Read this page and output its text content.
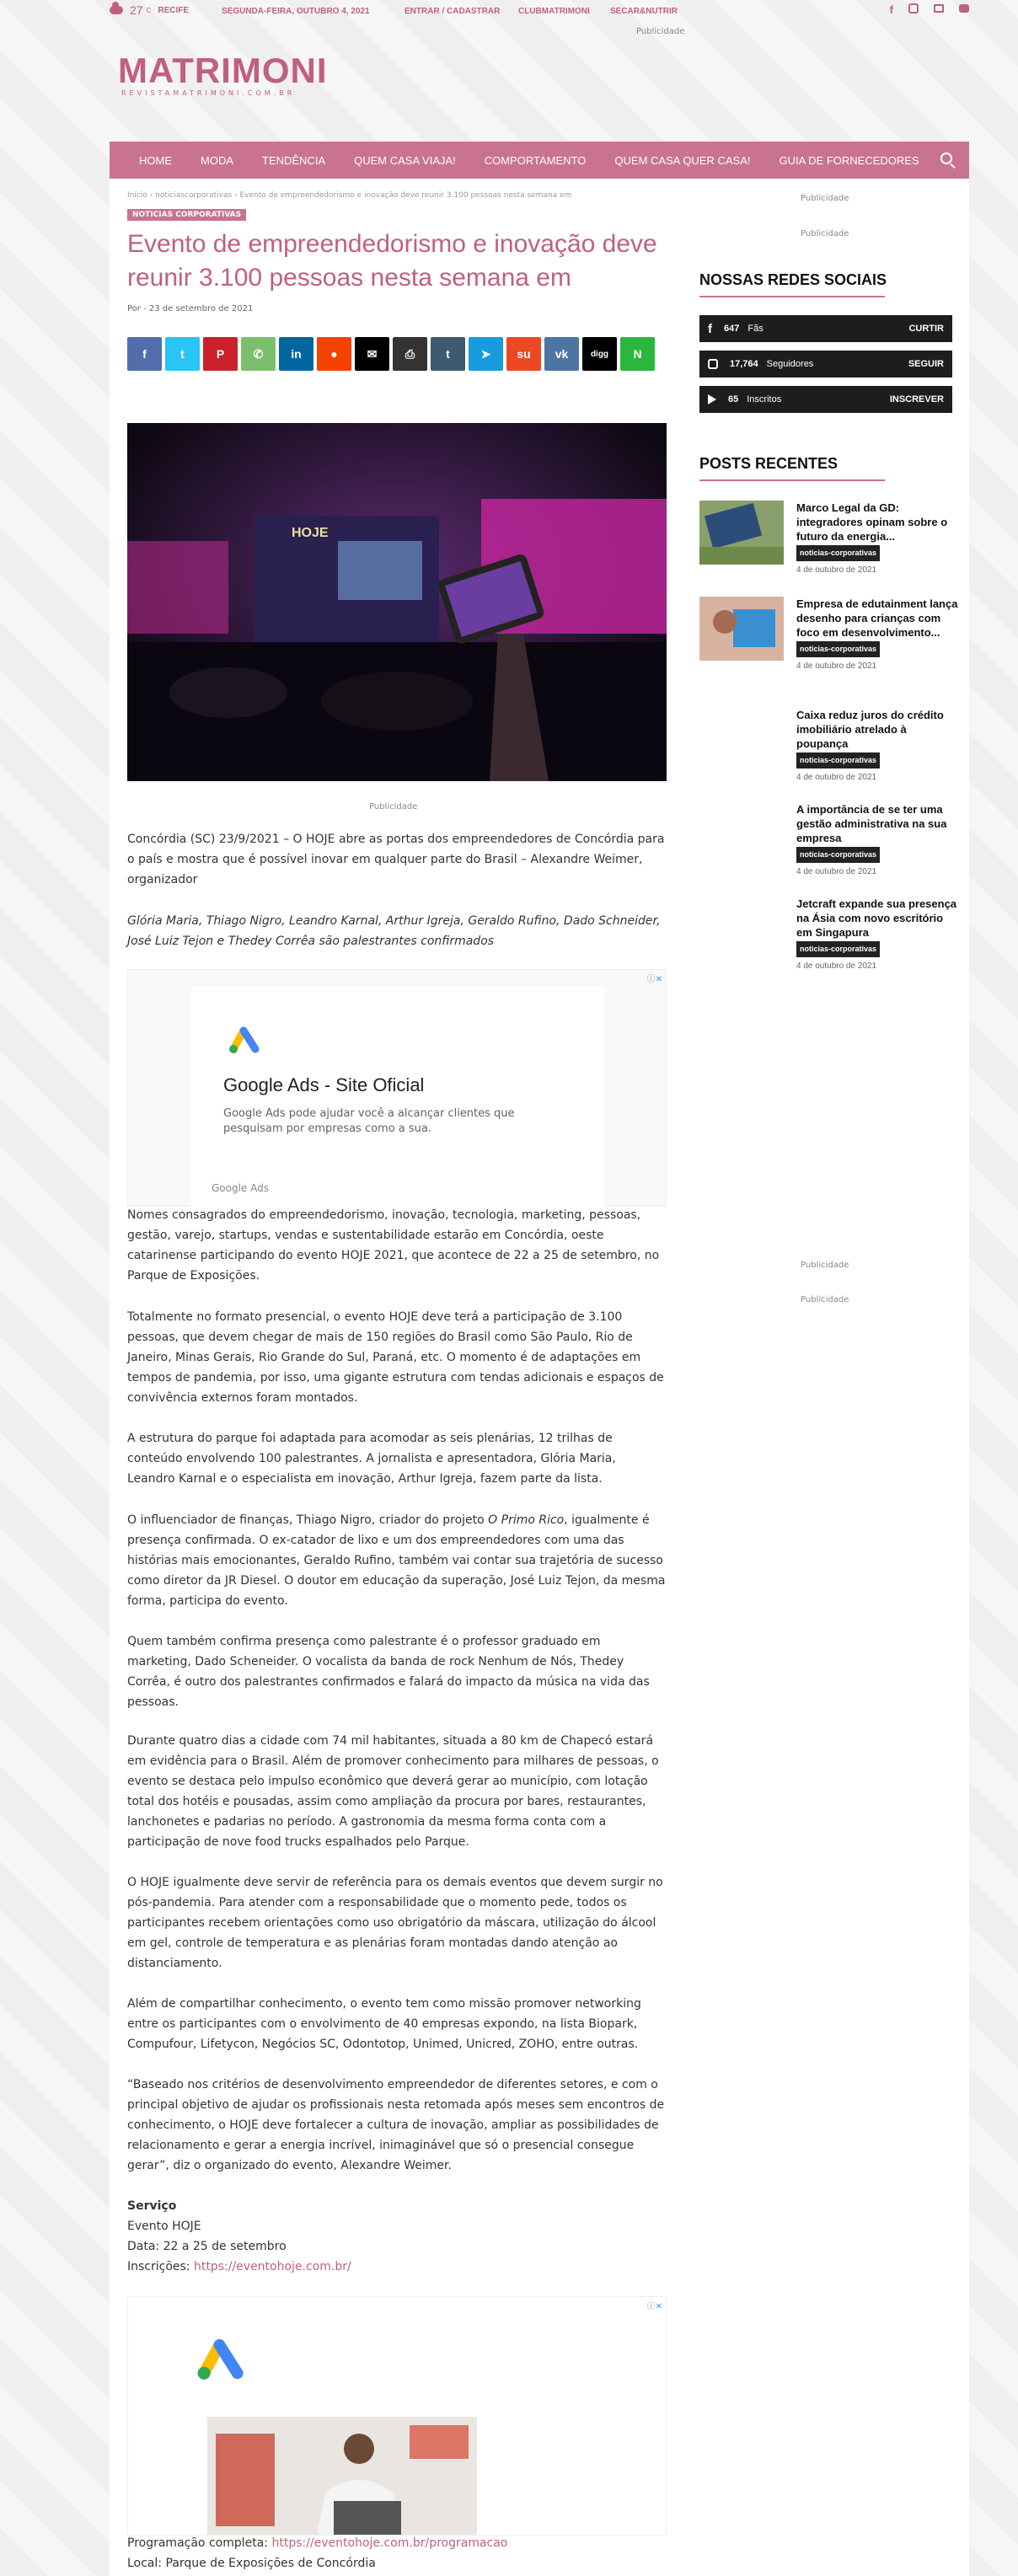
27 C RECIFE	SEGUNDA-FEIRA, OUTUBRO 4, 2021	ENTRAR / CADASTRAR CLUBMATRIMONI SECAR&NUTRIR	f
Publicidade
MATRIMONI
REVISTAMATRIMONI.COM.BR
HOME	MODA	TENDÊNCIA	QUEM CASA VIAJA!	COMPORTAMENTO	QUEM CASA QUER CASA!	GUIA DE FORNECEDORES
Início › noticiascorporativas › Evento de empreendedorismo e inovação deve reunir 3.100 pessoas nesta semana em
NOTICIAS CORPORATIVAS
Evento de empreendedorismo e inovação deve reunir 3.100 pessoas nesta semana em
Por - 23 de setembro de 2021
f	t	P	✆	in	●	✉	⎙	t	➤	su	vk	digg	N
HOJE
Publicidade

Concórdia (SC) 23/9/2021 – O HOJE abre as portas dos empreendedores de Concórdia para o país e mostra que é possível inovar em qualquer parte do Brasil – Alexandre Weimer, organizador

Glória Maria, Thiago Nigro, Leandro Karnal, Arthur Igreja, Geraldo Rufino, Dado Schneider, José Luiz Tejon e Thedey Corrêa são palestrantes confirmados

ⓘ✕
Google Ads - Site Oficial
Google Ads pode ajudar você a alcançar clientes que pesquisam por empresas como a sua.
Google Ads

Nomes consagrados do empreendedorismo, inovação, tecnologia, marketing, pessoas, gestão, varejo, startups, vendas e sustentabilidade estarão em Concórdia, oeste catarinense participando do evento HOJE 2021, que acontece de 22 a 25 de setembro, no Parque de Exposições.

Totalmente no formato presencial, o evento HOJE deve terá a participação de 3.100 pessoas, que devem chegar de mais de 150 regiões do Brasil como São Paulo, Rio de Janeiro, Minas Gerais, Rio Grande do Sul, Paraná, etc. O momento é de adaptações em tempos de pandemia, por isso, uma gigante estrutura com tendas adicionais e espaços de convivência externos foram montados.

A estrutura do parque foi adaptada para acomodar as seis plenárias, 12 trilhas de conteúdo envolvendo 100 palestrantes. A jornalista e apresentadora, Glória Maria, Leandro Karnal e o especialista em inovação, Arthur Igreja, fazem parte da lista.

O influenciador de finanças, Thiago Nigro, criador do projeto O Primo Rico, igualmente é presença confirmada. O ex-catador de lixo e um dos empreendedores com uma das histórias mais emocionantes, Geraldo Rufino, também vai contar sua trajetória de sucesso como diretor da JR Diesel. O doutor em educação da superação, José Luiz Tejon, da mesma forma, participa do evento.

Quem também confirma presença como palestrante é o professor graduado em marketing, Dado Scheneider. O vocalista da banda de rock Nenhum de Nós, Thedey Corrêa, é outro dos palestrantes confirmados e falará do impacto da música na vida das pessoas.

Durante quatro dias a cidade com 74 mil habitantes, situada a 80 km de Chapecó estará em evidência para o Brasil. Além de promover conhecimento para milhares de pessoas, o evento se destaca pelo impulso econômico que deverá gerar ao município, com lotação total dos hotéis e pousadas, assim como ampliação da procura por bares, restaurantes, lanchonetes e padarias no período. A gastronomia da mesma forma conta com a participação de nove food trucks espalhados pelo Parque.

O HOJE igualmente deve servir de referência para os demais eventos que devem surgir no pós-pandemia. Para atender com a responsabilidade que o momento pede, todos os participantes recebem orientações como uso obrigatório da máscara, utilização do álcool em gel, controle de temperatura e as plenárias foram montadas dando atenção ao distanciamento.

Além de compartilhar conhecimento, o evento tem como missão promover networking entre os participantes com o envolvimento de 40 empresas expondo, na lista Biopark, Compufour, Lifetycon, Negócios SC, Odontotop, Unimed, Unicred, ZOHO, entre outras.

“Baseado nos critérios de desenvolvimento empreendedor de diferentes setores, e com o principal objetivo de ajudar os profissionais nesta retomada após meses sem encontros de conhecimento, o HOJE deve fortalecer a cultura de inovação, ampliar as possibilidades de relacionamento e gerar a energia incrível, inimaginável que só o presencial consegue gerar”, diz o organizado do evento, Alexandre Weimer.

Serviço
Evento HOJE
Data: 22 a 25 de setembro
Inscrições: https://eventohoje.com.br/
ⓘ✕
Programação completa: https://eventohoje.com.br/programacao
Local: Parque de Exposições de Concórdia
Publicidade
Publicidade
NOSSAS REDES SOCIAIS
f 647 Fãs	CURTIR
17,764 Seguidores	SEGUIR
65 Inscritos	INSCREVER
POSTS RECENTES
Marco Legal da GD: integradores opinam sobre o futuro da energia...
noticias-corporativas
4 de outubro de 2021
Empresa de edutainment lança desenho para crianças com foco em desenvolvimento...
noticias-corporativas
4 de outubro de 2021
Caixa reduz juros do crédito imobiliário atrelado à poupança
noticias-corporativas
4 de outubro de 2021
A importância de se ter uma gestão administrativa na sua empresa
noticias-corporativas
4 de outubro de 2021
Jetcraft expande sua presença na Ásia com novo escritório em Singapura
noticias-corporativas
4 de outubro de 2021
Publicidade
Publicidade
